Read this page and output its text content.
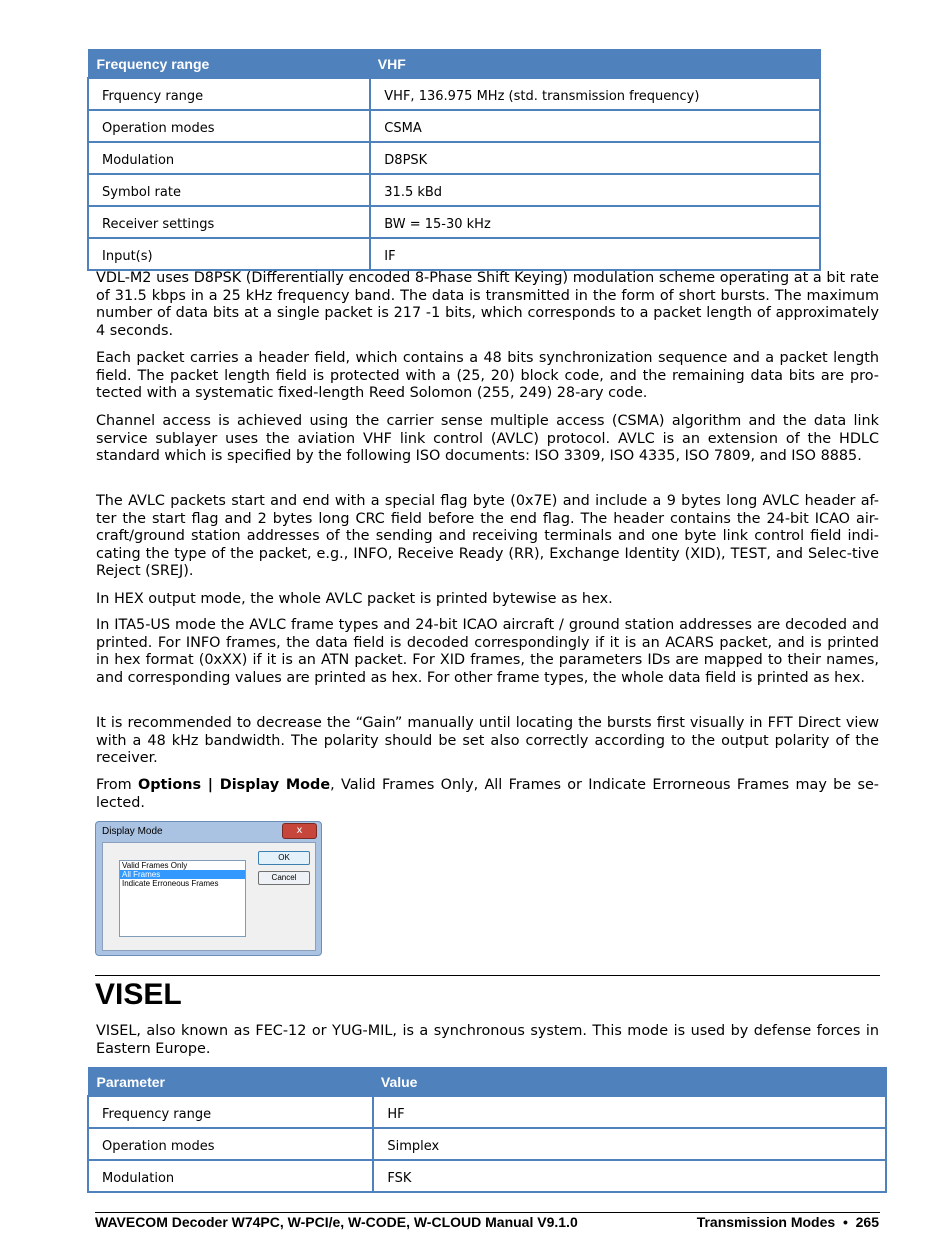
Frequency range	VHF
Frquency range	VHF, 136.975 MHz (std. transmission frequency)
Operation modes	CSMA
Modulation	D8PSK
Symbol rate	31.5 kBd
Receiver settings	BW = 15-30 kHz
Input(s)	IF

VDL-M2 uses D8PSK (Differentially encoded 8-Phase Shift Keying) modulation scheme operating at a bit rate of 31.5 kbps in a 25 kHz frequency band. The data is transmitted in the form of short bursts. The maximum number of data bits at a single packet is 217 -1 bits, which corresponds to a packet length of approximately 4 seconds.

Each packet carries a header field, which contains a 48 bits synchronization sequence and a packet length field. The packet length field is protected with a (25, 20) block code, and the remaining data bits are pro-tected with a systematic fixed-length Reed Solomon (255, 249) 28-ary code.

Channel access is achieved using the carrier sense multiple access (CSMA) algorithm and the data link service sublayer uses the aviation VHF link control (AVLC) protocol. AVLC is an extension of the HDLC standard which is specified by the following ISO documents: ISO 3309, ISO 4335, ISO 7809, and ISO 8885.

The AVLC packets start and end with a special flag byte (0x7E) and include a 9 bytes long AVLC header af-ter the start flag and 2 bytes long CRC field before the end flag. The header contains the 24-bit ICAO air-craft/ground station addresses of the sending and receiving terminals and one byte link control field indi-cating the type of the packet, e.g., INFO, Receive Ready (RR), Exchange Identity (XID), TEST, and Selec-tive Reject (SREJ).

In HEX output mode, the whole AVLC packet is printed bytewise as hex.

In ITA5-US mode the AVLC frame types and 24-bit ICAO aircraft / ground station addresses are decoded and printed. For INFO frames, the data field is decoded correspondingly if it is an ACARS packet, and is printed in hex format (0xXX) if it is an ATN packet. For XID frames, the parameters IDs are mapped to their names, and corresponding values are printed as hex. For other frame types, the whole data field is printed as hex.

It is recommended to decrease the “Gain” manually until locating the bursts first visually in FFT Direct view with a 48 kHz bandwidth. The polarity should be set also correctly according to the output polarity of the receiver.

From Options | Display Mode, Valid Frames Only, All Frames or Indicate Errorneous Frames may be se-lected.

Display Mode	x
Valid Frames Only
All Frames
Indicate Erroneous Frames
OK
Cancel
VISEL

VISEL, also known as FEC-12 or YUG-MIL, is a synchronous system. This mode is used by defense forces in Eastern Europe.

Parameter	Value
Frequency range	HF
Operation modes	Simplex
Modulation	FSK
WAVECOM Decoder W74PC, W-PCI/e, W-CODE, W-CLOUD Manual V9.1.0	Transmission Modes • 265
